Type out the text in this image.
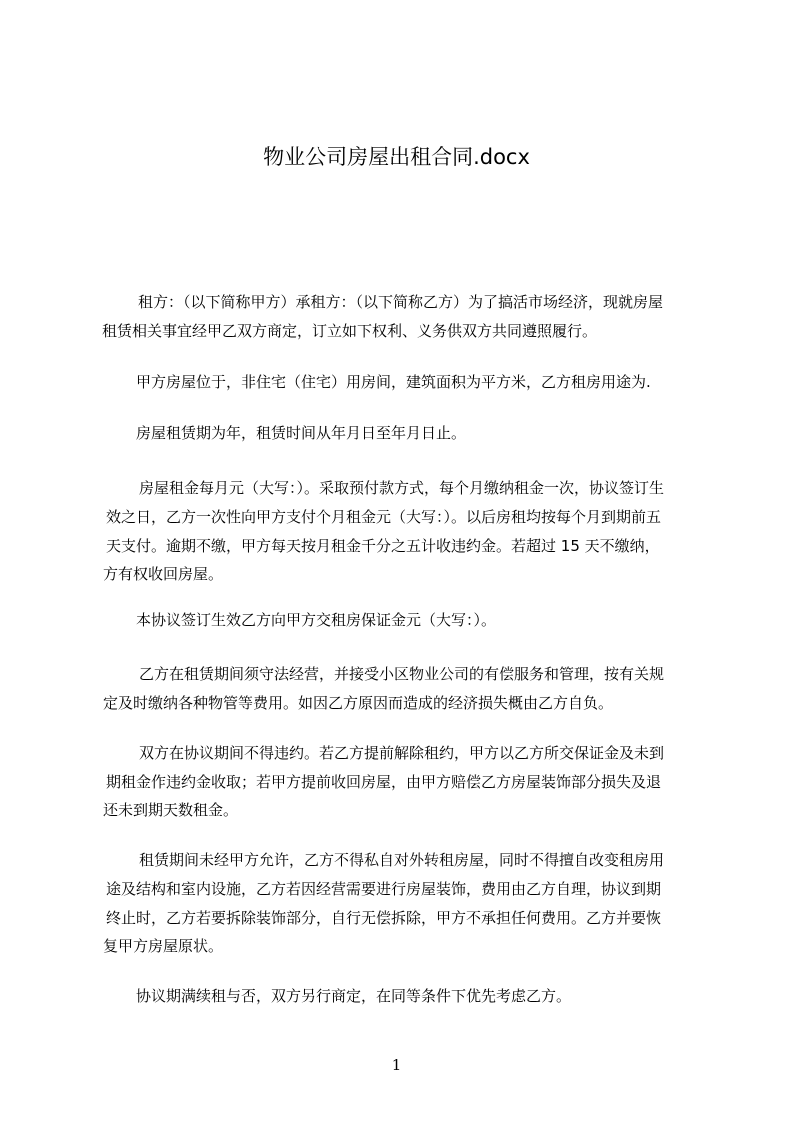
物业公司房屋出租合同.docx
租方：（以下简称甲方）承租方：（以下简称乙方）为了搞活市场经济，现就房屋
租赁相关事宜经甲乙双方商定，订立如下权利、义务供双方共同遵照履行。
甲方房屋位于，非住宅（住宅）用房间，建筑面积为平方米，乙方租房用途为.
房屋租赁期为年，租赁时间从年月日至年月日止。
房屋租金每月元（大写：）。采取预付款方式，每个月缴纳租金一次，协议签订生
效之日，乙方一次性向甲方支付个月租金元（大写：）。以后房租均按每个月到期前五
天支付。逾期不缴，甲方每天按月租金千分之五计收违约金。若超过 15 天不缴纳，
方有权收回房屋。
本协议签订生效乙方向甲方交租房保证金元（大写：）。
乙方在租赁期间须守法经营，并接受小区物业公司的有偿服务和管理，按有关规
定及时缴纳各种物管等费用。如因乙方原因而造成的经济损失概由乙方自负。
双方在协议期间不得违约。若乙方提前解除租约，甲方以乙方所交保证金及未到
期租金作违约金收取；若甲方提前收回房屋，由甲方赔偿乙方房屋装饰部分损失及退
还未到期天数租金。
租赁期间未经甲方允许，乙方不得私自对外转租房屋，同时不得擅自改变租房用
途及结构和室内设施，乙方若因经营需要进行房屋装饰，费用由乙方自理，协议到期
终止时，乙方若要拆除装饰部分，自行无偿拆除，甲方不承担任何费用。乙方并要恢
复甲方房屋原状。
协议期满续租与否，双方另行商定，在同等条件下优先考虑乙方。
1
